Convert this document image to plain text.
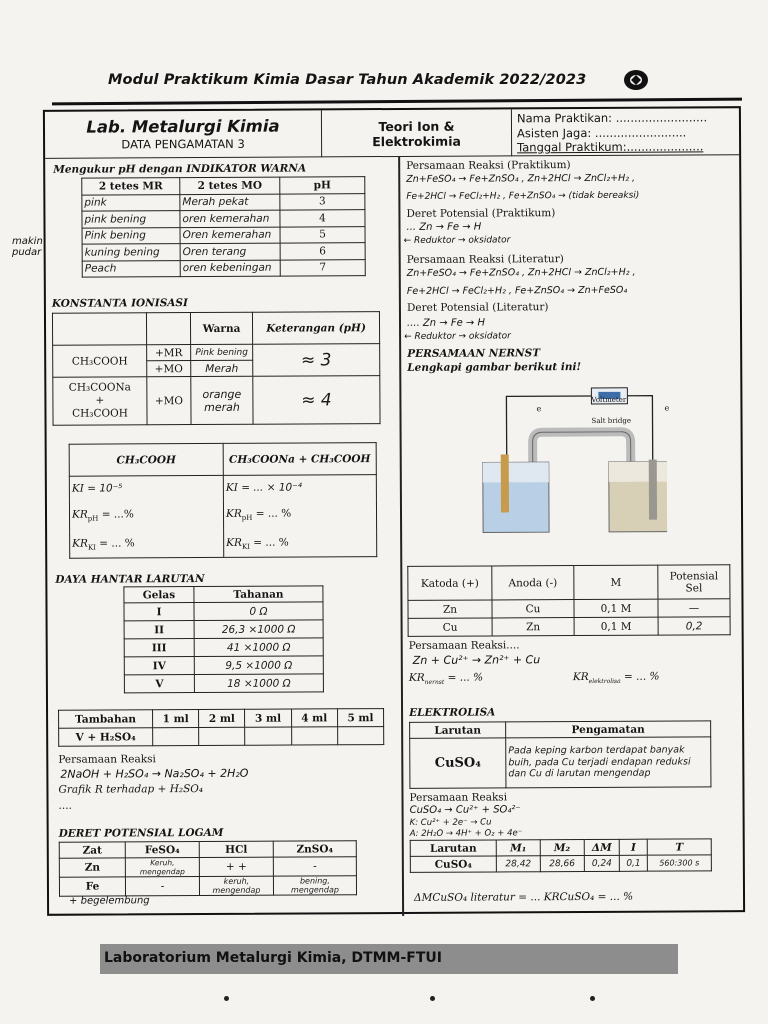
Modul Praktikum Kimia Dasar Tahun Akademik 2022/2023
Lab. Metalurgi Kimia
DATA PENGAMATAN 3
Teori Ion &
Elektrokimia
Nama Praktikan: .........................
Asisten Jaga: .........................
Tanggal Praktikum:.....................
Mengukur pH dengan INDIKATOR WARNA
2 tetes MR	2 tetes MO	pH
pink	Merah pekat	3
pink bening	oren kemerahan	4
Pink bening	Oren kemerahan	5
kuning bening	Oren terang	6
Peach	oren kebeningan	7
KONSTANTA IONISASI
		Warna	Keterangan (pH)
CH₃COOH	+MR	Pink bening	≈ 3
	+MO	Merah	

CH₃COONa
+
CH₃COOH	+MO	orange merah	≈ 4
CH₃COOH	CH₃COONa + CH₃COOH
KI = 10⁻⁵	KI = ... × 10⁻⁴
$KR_{pH}$ = ...%	$KR_{pH}$ = ... %
$KR_{KI}$ = ... %	$KR_{KI}$ = ... %
DAYA HANTAR LARUTAN
Gelas	Tahanan
I	0 Ω
II	26,3 ×1000 Ω
III	41 ×1000 Ω
IV	9,5 ×1000 Ω
V	18 ×1000 Ω
Tambahan	1 ml	2 ml	3 ml	4 ml	5 ml
V + H₂SO₄					
Persamaan Reaksi
2NaOH + H₂SO₄ → Na₂SO₄ + 2H₂O
Grafik R terhadap + H₂SO₄
....
DERET POTENSIAL LOGAM
Zat	FeSO₄	HCl	ZnSO₄
Zn	Keruh, mengendap	+ +	-
Fe	-	keruh, mengendap	bening, mengendap
+ begelembung
Persamaan Reaksi (Praktikum)
Zn+FeSO₄ → Fe+ZnSO₄ , Zn+2HCl → ZnCl₂+H₂ ,
Fe+2HCl → FeCl₂+H₂ , Fe+ZnSO₄ → (tidak bereaksi)
Deret Potensial (Praktikum)
... Zn → Fe → H
← Reduktor → oksidator
Persamaan Reaksi (Literatur)
Zn+FeSO₄ → Fe+ZnSO₄ , Zn+2HCl → ZnCl₂+H₂ ,
Fe+2HCl → FeCl₂+H₂ , Fe+ZnSO₄ → Zn+FeSO₄
Deret Potensial (Literatur)
.... Zn → Fe → H
← Reduktor → oksidator
PERSAMAAN NERNST
Lengkapi gambar berikut ini!
Voltmeter
Salt bridge
e	e
Katoda (+)	Anoda (-)	M	Potensial Sel
Zn	Cu	0,1 M	—
Cu	Zn	0,1 M	0,2
Persamaan Reaksi....
Zn + Cu²⁺ → Zn²⁺ + Cu
$KR_{nernst}$ = ... %	$KR_{elektrolisa}$ = ... %
ELEKTROLISA
Larutan	Pengamatan
CuSO₄	Pada keping karbon terdapat banyak buih, pada Cu terjadi endapan reduksi dan Cu di larutan mengendap
Persamaan Reaksi
CuSO₄ → Cu²⁺ + SO₄²⁻
K: Cu²⁺ + 2e⁻ → Cu
A: 2H₂O → 4H⁺ + O₂ + 4e⁻
Larutan	M₁	M₂	ΔM	I	T
CuSO₄	28,42	28,66	0,24	0,1	560:300 s
ΔMCuSO₄ literatur = ... KRCuSO₄ = ... %
makin pudar
Laboratorium Metalurgi Kimia, DTMM-FTUI
